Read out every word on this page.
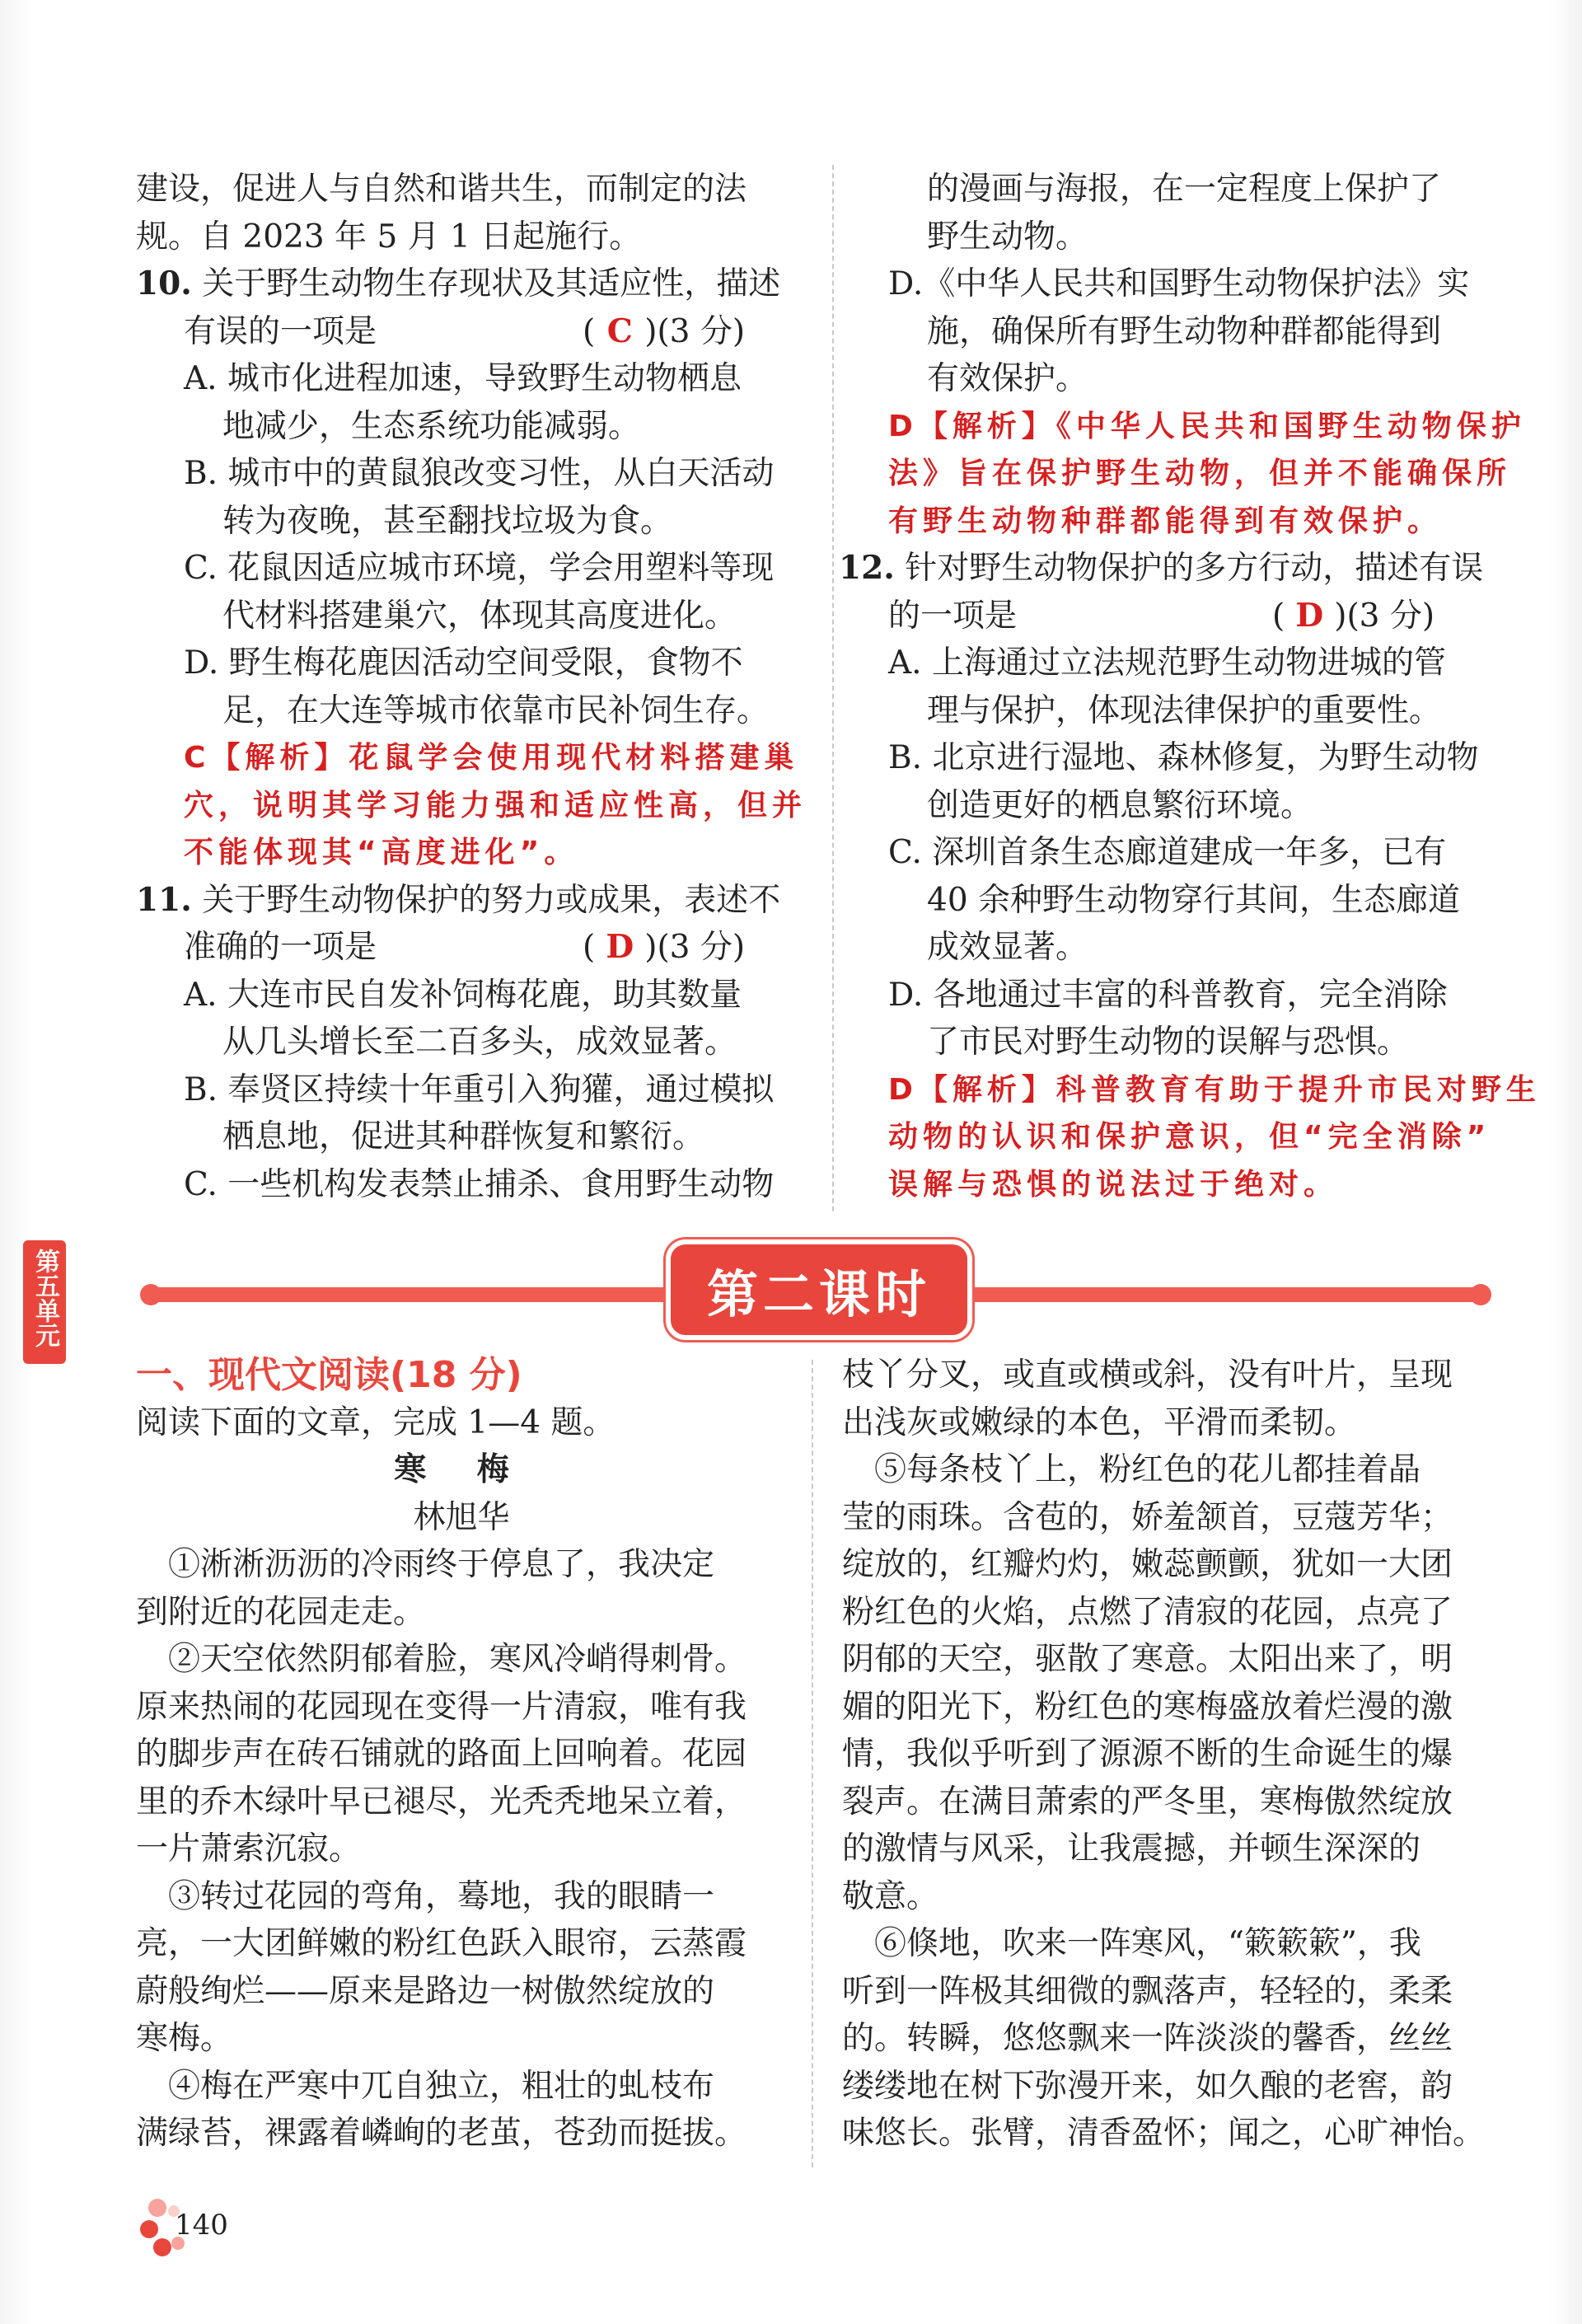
建设，促进人与自然和谐共生，而制定的法
规。自 2023 年 5 月 1 日起施行。
10. 关于野生动物生存现状及其适应性，描述
有误的一项是	( C )(3 分)
A. 城市化进程加速，导致野生动物栖息
地减少，生态系统功能减弱。
B. 城市中的黄鼠狼改变习性，从白天活动
转为夜晚，甚至翻找垃圾为食。
C. 花鼠因适应城市环境，学会用塑料等现
代材料搭建巢穴，体现其高度进化。
D. 野生梅花鹿因活动空间受限，食物不
足，在大连等城市依靠市民补饲生存。
C【解析】花鼠学会使用现代材料搭建巢
穴，说明其学习能力强和适应性高，但并
不能体现其“高度进化”。
11. 关于野生动物保护的努力或成果，表述不
准确的一项是	( D )(3 分)
A. 大连市民自发补饲梅花鹿，助其数量
从几头增长至二百多头，成效显著。
B. 奉贤区持续十年重引入狗獾，通过模拟
栖息地，促进其种群恢复和繁衍。
C. 一些机构发表禁止捕杀、食用野生动物
的漫画与海报，在一定程度上保护了
野生动物。
D.《中华人民共和国野生动物保护法》实
施，确保所有野生动物种群都能得到
有效保护。
D【解析】《中华人民共和国野生动物保护
法》旨在保护野生动物，但并不能确保所
有野生动物种群都能得到有效保护。
12. 针对野生动物保护的多方行动，描述有误
的一项是	( D )(3 分)
A. 上海通过立法规范野生动物进城的管
理与保护，体现法律保护的重要性。
B. 北京进行湿地、森林修复，为野生动物
创造更好的栖息繁衍环境。
C. 深圳首条生态廊道建成一年多，已有
40 余种野生动物穿行其间，生态廊道
成效显著。
D. 各地通过丰富的科普教育，完全消除
了市民对野生动物的误解与恐惧。
D【解析】科普教育有助于提升市民对野生
动物的认识和保护意识，但“完全消除”
误解与恐惧的说法过于绝对。
第五单元	第二课时
一、现代文阅读(18 分)
阅读下面的文章，完成 1—4 题。
寒 梅
林旭华
　①淅淅沥沥的冷雨终于停息了，我决定
到附近的花园走走。
　②天空依然阴郁着脸，寒风冷峭得刺骨。
原来热闹的花园现在变得一片清寂，唯有我
的脚步声在砖石铺就的路面上回响着。花园
里的乔木绿叶早已褪尽，光秃秃地呆立着，
一片萧索沉寂。
　③转过花园的弯角，蓦地，我的眼睛一
亮，一大团鲜嫩的粉红色跃入眼帘，云蒸霞
蔚般绚烂——原来是路边一树傲然绽放的
寒梅。
　④梅在严寒中兀自独立，粗壮的虬枝布
满绿苔，裸露着嶙峋的老茧，苍劲而挺拔。
枝丫分叉，或直或横或斜，没有叶片，呈现
出浅灰或嫩绿的本色，平滑而柔韧。
　⑤每条枝丫上，粉红色的花儿都挂着晶
莹的雨珠。含苞的，娇羞颔首，豆蔻芳华；
绽放的，红瓣灼灼，嫩蕊颤颤，犹如一大团
粉红色的火焰，点燃了清寂的花园，点亮了
阴郁的天空，驱散了寒意。太阳出来了，明
媚的阳光下，粉红色的寒梅盛放着烂漫的激
情，我似乎听到了源源不断的生命诞生的爆
裂声。在满目萧索的严冬里，寒梅傲然绽放
的激情与风采，让我震撼，并顿生深深的
敬意。
　⑥倏地，吹来一阵寒风，“簌簌簌”，我
听到一阵极其细微的飘落声，轻轻的，柔柔
的。转瞬，悠悠飘来一阵淡淡的馨香，丝丝
缕缕地在树下弥漫开来，如久酿的老窖，韵
味悠长。张臂，清香盈怀；闻之，心旷神怡。
140
